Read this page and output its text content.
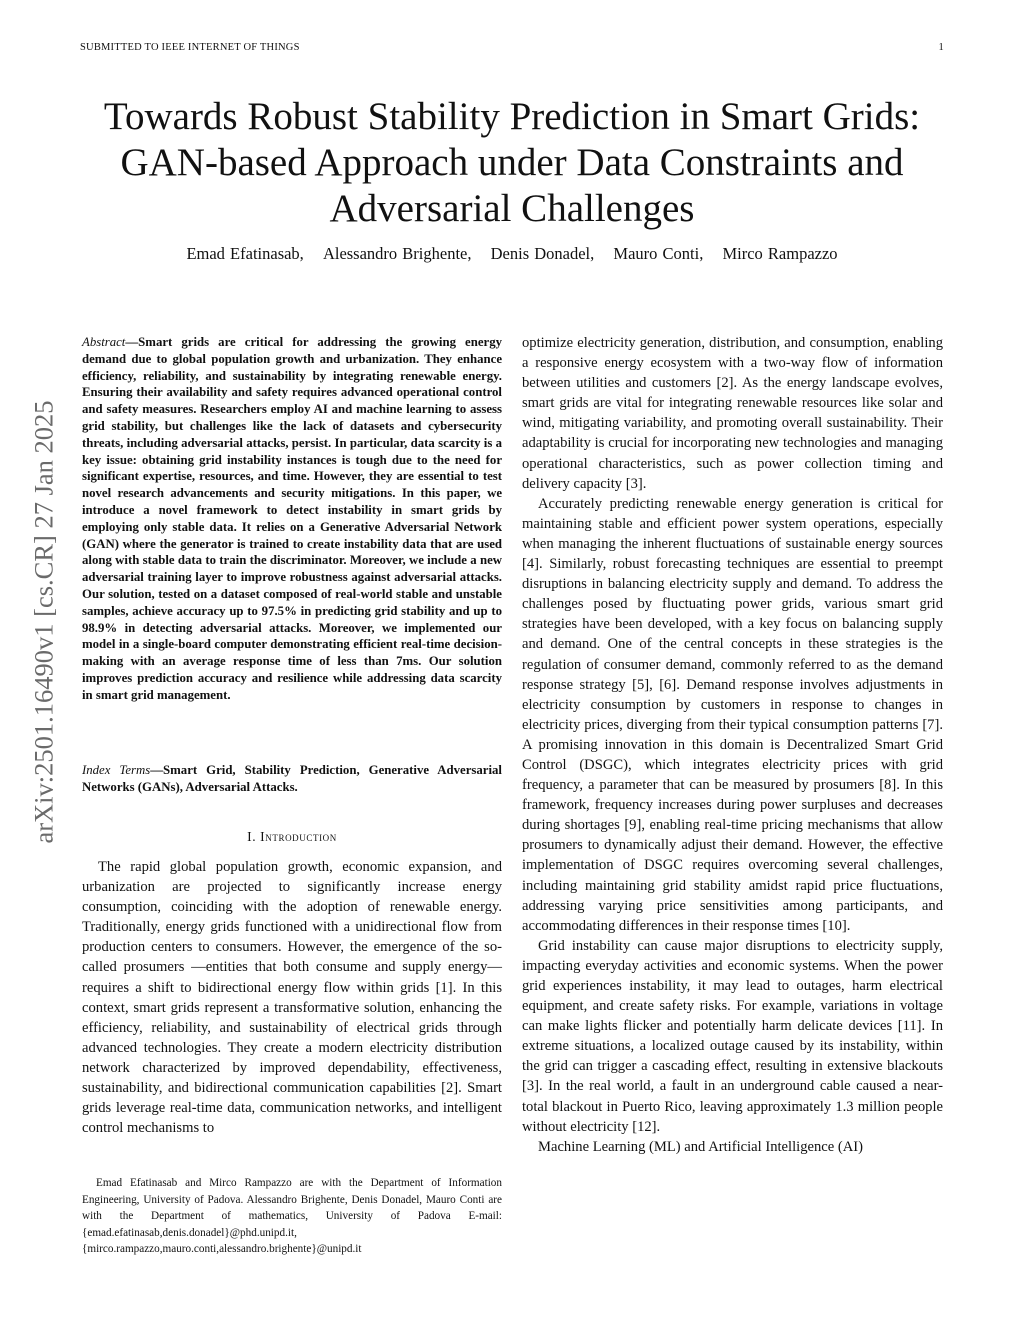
SUBMITTED TO IEEE INTERNET OF THINGS	1
arXiv:2501.16490v1 [cs.CR] 27 Jan 2025
Towards Robust Stability Prediction in Smart Grids:
GAN-based Approach under Data Constraints and
Adversarial Challenges
Emad Efatinasab, Alessandro Brighente, Denis Donadel, Mauro Conti, Mirco Rampazzo
Abstract—Smart grids are critical for addressing the growing energy demand due to global population growth and urbanization. They enhance efficiency, reliability, and sustainability by integrating renewable energy. Ensuring their availability and safety requires advanced operational control and safety measures. Researchers employ AI and machine learning to assess grid stability, but challenges like the lack of datasets and cybersecurity threats, including adversarial attacks, persist. In particular, data scarcity is a key issue: obtaining grid instability instances is tough due to the need for significant expertise, resources, and time. However, they are essential to test novel research advancements and security mitigations. In this paper, we introduce a novel framework to detect instability in smart grids by employing only stable data. It relies on a Generative Adversarial Network (GAN) where the generator is trained to create instability data that are used along with stable data to train the discriminator. Moreover, we include a new adversarial training layer to improve robustness against adversarial attacks. Our solution, tested on a dataset composed of real-world stable and unstable samples, achieve accuracy up to 97.5% in predicting grid stability and up to 98.9% in detecting adversarial attacks. Moreover, we implemented our model in a single-board computer demonstrating efficient real-time decision-making with an average response time of less than 7ms. Our solution improves prediction accuracy and resilience while addressing data scarcity in smart grid management.
Index Terms—Smart Grid, Stability Prediction, Generative Adversarial Networks (GANs), Adversarial Attacks.
I. Introduction

The rapid global population growth, economic expansion, and urbanization are projected to significantly increase energy consumption, coinciding with the adoption of renewable energy. Traditionally, energy grids functioned with a unidirectional flow from production centers to consumers. However, the emergence of the so-called prosumers —entities that both consume and supply energy—requires a shift to bidirectional energy flow within grids [1]. In this context, smart grids represent a transformative solution, enhancing the efficiency, reliability, and sustainability of electrical grids through advanced technologies. They create a modern electricity distribution network characterized by improved dependability, effectiveness, sustainability, and bidirectional communication capabilities [2]. Smart grids leverage real-time data, communication networks, and intelligent control mechanisms to

Emad Efatinasab and Mirco Rampazzo are with the Department of Information Engineering, University of Padova. Alessandro Brighente, Denis Donadel, Mauro Conti are with the Department of mathematics, University of Padova E-mail: {emad.efatinasab,denis.donadel}@phd.unipd.it, {mirco.rampazzo,mauro.conti,alessandro.brighente}@unipd.it

optimize electricity generation, distribution, and consumption, enabling a responsive energy ecosystem with a two-way flow of information between utilities and customers [2]. As the energy landscape evolves, smart grids are vital for integrating renewable resources like solar and wind, mitigating variability, and promoting overall sustainability. Their adaptability is crucial for incorporating new technologies and managing operational characteristics, such as power collection timing and delivery capacity [3].

Accurately predicting renewable energy generation is critical for maintaining stable and efficient power system operations, especially when managing the inherent fluctuations of sustainable energy sources [4]. Similarly, robust forecasting techniques are essential to preempt disruptions in balancing electricity supply and demand. To address the challenges posed by fluctuating power grids, various smart grid strategies have been developed, with a key focus on balancing supply and demand. One of the central concepts in these strategies is the regulation of consumer demand, commonly referred to as the demand response strategy [5], [6]. Demand response involves adjustments in electricity consumption by customers in response to changes in electricity prices, diverging from their typical consumption patterns [7]. A promising innovation in this domain is Decentralized Smart Grid Control (DSGC), which integrates electricity prices with grid frequency, a parameter that can be measured by prosumers [8]. In this framework, frequency increases during power surpluses and decreases during shortages [9], enabling real-time pricing mechanisms that allow prosumers to dynamically adjust their demand. However, the effective implementation of DSGC requires overcoming several challenges, including maintaining grid stability amidst rapid price fluctuations, addressing varying price sensitivities among participants, and accommodating differences in their response times [10].

Grid instability can cause major disruptions to electricity supply, impacting everyday activities and economic systems. When the power grid experiences instability, it may lead to outages, harm electrical equipment, and create safety risks. For example, variations in voltage can make lights flicker and potentially harm delicate devices [11]. In extreme situations, a localized outage caused by its instability, within the grid can trigger a cascading effect, resulting in extensive blackouts [3]. In the real world, a fault in an underground cable caused a near-total blackout in Puerto Rico, leaving approximately 1.3 million people without electricity [12].

Machine Learning (ML) and Artificial Intelligence (AI)
